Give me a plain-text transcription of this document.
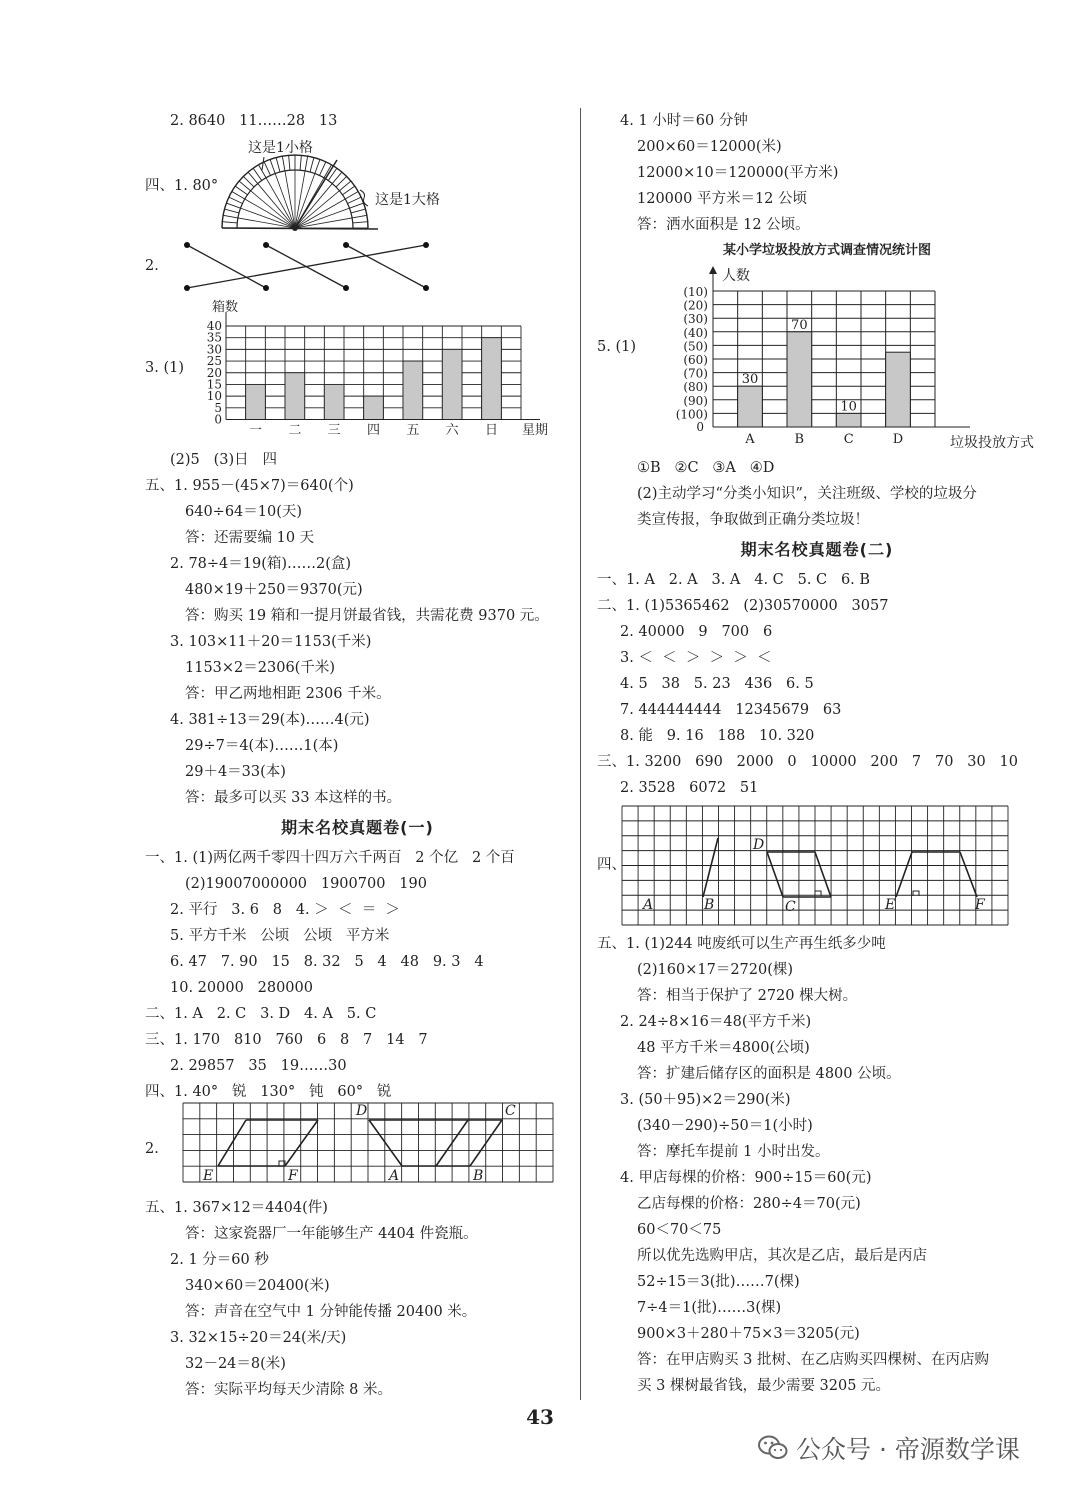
2. 8640   11……28   13
四、1. 80°
这是1小格
这是1大格
2.
3. (1)
一 二 三 四 五 六 日
0
5
10
15
20
25
30
35
40
箱数
星期
(2)5   (3)日   四
五、1. 955－(45×7)＝640(个)
640÷64＝10(天)
答：还需要编 10 天
2. 78÷4＝19(箱)……2(盒)
480×19＋250＝9370(元)
答：购买 19 箱和一提月饼最省钱，共需花费 9370 元。
3. 103×11＋20＝1153(千米)
1153×2＝2306(千米)
答：甲乙两地相距 2306 千米。
4. 381÷13＝29(本)……4(元)
29÷7＝4(本)……1(本)
29＋4＝33(本)
答：最多可以买 33 本这样的书。
期末名校真题卷(一)
一、1. (1)两亿两千零四十四万六千两百   2 个亿   2 个百
(2)19007000000   1900700   190
2. 平行   3. 6   8   4. ＞  ＜  ＝  ＞
5. 平方千米   公顷   公顷   平方米
6. 47   7. 90   15   8. 32   5   4   48   9. 3   4
10. 20000   280000
二、1. A   2. C   3. D   4. A   5. C
三、1. 170   810   760   6   8   7   14   7
2. 29857   35   19……30
四、1. 40°   锐   130°   钝   60°   锐
2.
E	F
D
A	B
C
五、1. 367×12＝4404(件)
答：这家瓷器厂一年能够生产 4404 件瓷瓶。
2. 1 分＝60 秒
340×60＝20400(米)
答：声音在空气中 1 分钟能传播 20400 米。
3. 32×15÷20＝24(米/天)
32－24＝8(米)
答：实际平均每天少清除 8 米。
4. 1 小时＝60 分钟
200×60＝12000(米)
12000×10＝120000(平方米)
120000 平方米＝12 公顷
答：洒水面积是 12 公顷。
某小学垃圾投放方式调查情况统计图
5. (1)
30
A
70
B
10
C	D
0
(100)
(90)
(80)
(70)
(60)
(50)
(40)
(30)
(20)
(10)
人数
垃圾投放方式
①B   ②C   ③A   ④D
(2)主动学习“分类小知识”，关注班级、学校的垃圾分
类宣传报，争取做到正确分类垃圾！
期末名校真题卷(二)
一、1. A   2. A   3. A   4. C   5. C   6. B
二、1. (1)5365462   (2)30570000   3057
2. 40000   9   700   6
3. ＜  ＜  ＞  ＞  ＞  ＜
4. 5   38   5. 23   436   6. 5
7. 444444444   12345679   63
8. 能   9. 16   188   10. 320
三、1. 3200   690   2000   0   10000   200   7   70   30   10
2. 3528   6072   51
四、
A	B
D
C	E	F
五、1. (1)244 吨废纸可以生产再生纸多少吨
(2)160×17＝2720(棵)
答：相当于保护了 2720 棵大树。
2. 24÷8×16＝48(平方千米)
48 平方千米＝4800(公顷)
答：扩建后储存区的面积是 4800 公顷。
3. (50＋95)×2＝290(米)
(340－290)÷50＝1(小时)
答：摩托车提前 1 小时出发。
4. 甲店每棵的价格：900÷15＝60(元)
乙店每棵的价格：280÷4＝70(元)
60＜70＜75
所以优先选购甲店，其次是乙店，最后是丙店
52÷15＝3(批)……7(棵)
7÷4＝1(批)……3(棵)
900×3＋280＋75×3＝3205(元)
答：在甲店购买 3 批树、在乙店购买四棵树、在丙店购
买 3 棵树最省钱，最少需要 3205 元。
43
公众号 · 帝源数学课
